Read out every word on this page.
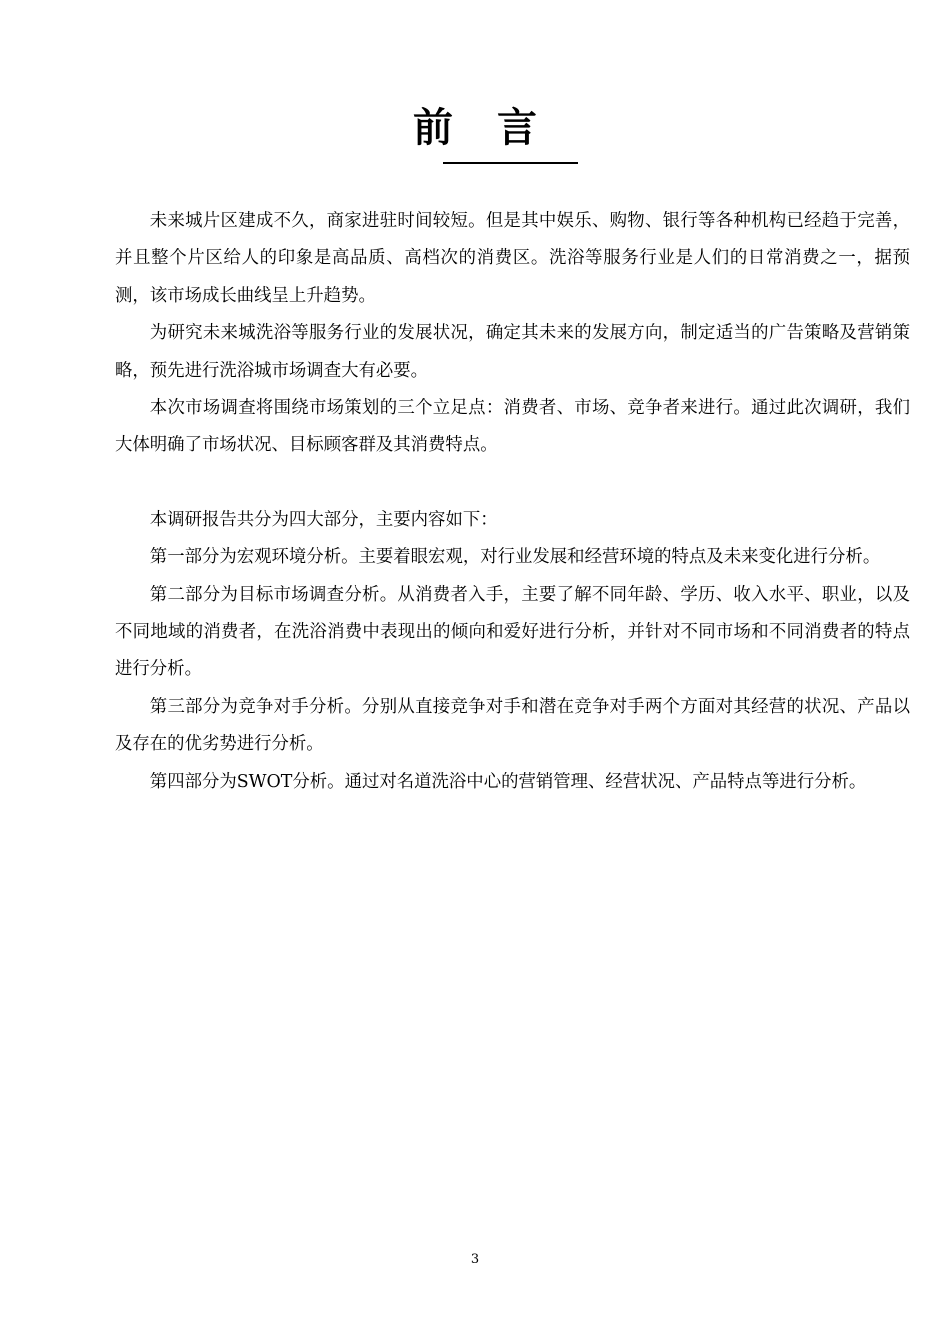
前言

未来城片区建成不久，商家进驻时间较短。但是其中娱乐、购物、银行等各种机构已经趋于完善，并且整个片区给人的印象是高品质、高档次的消费区。洗浴等服务行业是人们的日常消费之一，据预测，该市场成长曲线呈上升趋势。

为研究未来城洗浴等服务行业的发展状况，确定其未来的发展方向，制定适当的广告策略及营销策略，预先进行洗浴城市场调查大有必要。

本次市场调查将围绕市场策划的三个立足点：消费者、市场、竞争者来进行。通过此次调研，我们大体明确了市场状况、目标顾客群及其消费特点。

本调研报告共分为四大部分，主要内容如下：

第一部分为宏观环境分析。主要着眼宏观，对行业发展和经营环境的特点及未来变化进行分析。

第二部分为目标市场调查分析。从消费者入手，主要了解不同年龄、学历、收入水平、职业，以及不同地域的消费者，在洗浴消费中表现出的倾向和爱好进行分析，并针对不同市场和不同消费者的特点进行分析。

第三部分为竞争对手分析。分别从直接竞争对手和潜在竞争对手两个方面对其经营的状况、产品以及存在的优劣势进行分析。

第四部分为SWOT分析。通过对名道洗浴中心的营销管理、经营状况、产品特点等进行分析。

3
